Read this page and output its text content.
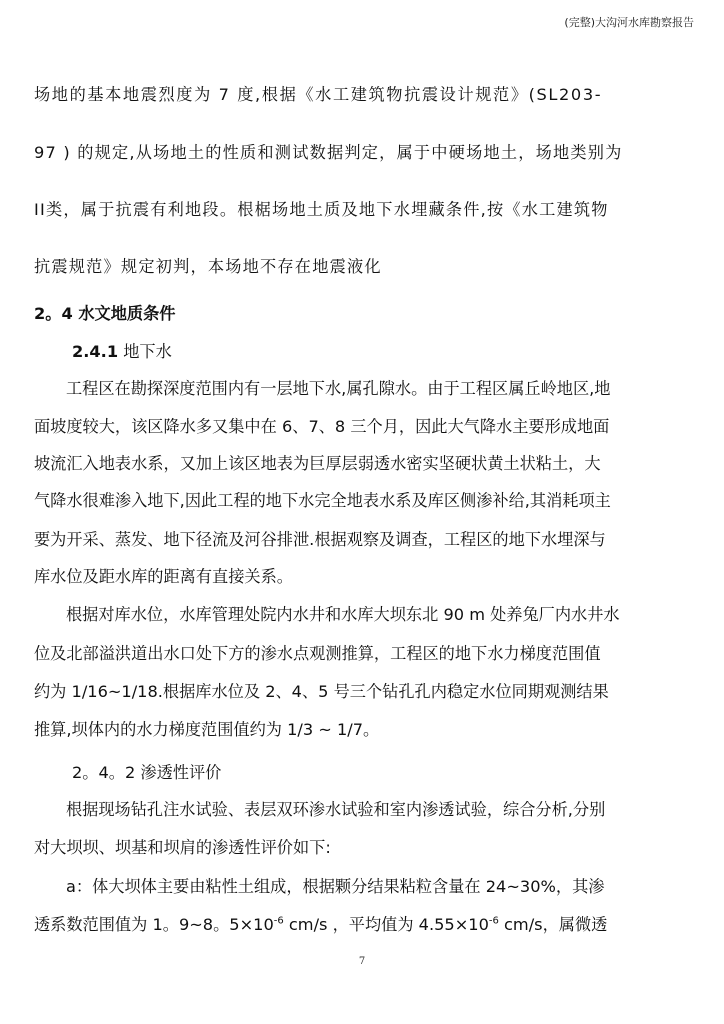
(完整)大沟河水库勘察报告
场地的基本地震烈度为 7 度,根据《水工建筑物抗震设计规范》(SL203-
97 ) 的规定,从场地土的性质和测试数据判定，属于中硬场地土，场地类别为
II类，属于抗震有利地段。根椐场地土质及地下水埋藏条件,按《水工建筑物
抗震规范》规定初判，本场地不存在地震液化
2。4 水文地质条件
2.4.1 地下水
工程区在勘探深度范围内有一层地下水,属孔隙水。由于工程区属丘岭地区,地
面坡度较大，该区降水多又集中在 6、7、8 三个月，因此大气降水主要形成地面
坡流汇入地表水系，又加上该区地表为巨厚层弱透水密实坚硬状黄土状粘土，大
气降水很难渗入地下,因此工程的地下水完全地表水系及库区侧渗补给,其消耗项主
要为开采、蒸发、地下径流及河谷排泄.根据观察及调查，工程区的地下水埋深与
库水位及距水库的距离有直接关系。
根据对库水位，水库管理处院内水井和水库大坝东北 90 m 处养兔厂内水井水
位及北部溢洪道出水口处下方的渗水点观测推算，工程区的地下水力梯度范围值
约为 1/16~1/18.根据库水位及 2、4、5 号三个钻孔孔内稳定水位同期观测结果
推算,坝体内的水力梯度范围值约为 1/3 ~ 1/7。
2。4。2 渗透性评价
根据现场钻孔注水试验、表层双环渗水试验和室内渗透试验，综合分析,分别
对大坝坝、坝基和坝肩的渗透性评价如下:
a：体大坝体主要由粘性土组成，根据颗分结果粘粒含量在 24~30%，其渗
透系数范围值为 1。9~8。$5\times 10^{-6}$ cm/s ，平均值为 $4.55\times 10^{-6}$ cm/s，属微透
7
